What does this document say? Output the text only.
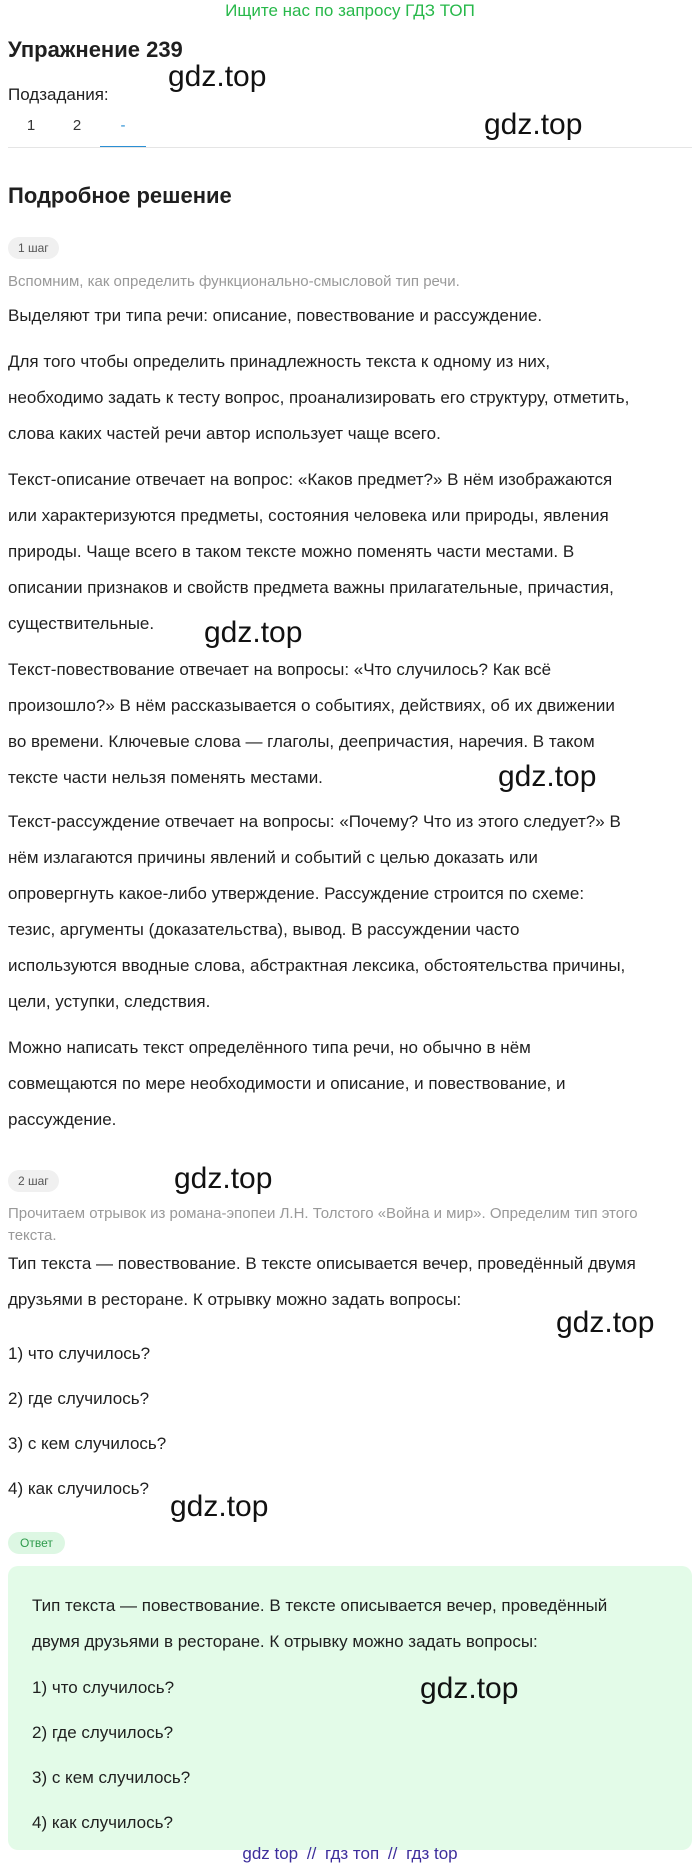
Ищите нас по запросу ГДЗ ТОП
Упражнение 239
Подзадания:
1	2	-
Подробное решение
1 шаг
Вспомним, как определить функционально-смысловой тип речи.

Выделяют три типа речи: описание, повествование и рассуждение.

Для того чтобы определить принадлежность текста к одному из них,

необходимо задать к тесту вопрос, проанализировать его структуру, отметить,

слова каких частей речи автор использует чаще всего.

Текст-описание отвечает на вопрос: «Каков предмет?» В нём изображаются

или характеризуются предметы, состояния человека или природы, явления

природы. Чаще всего в таком тексте можно поменять части местами. В

описании признаков и свойств предмета важны прилагательные, причастия,

существительные.

Текст-повествование отвечает на вопросы: «Что случилось? Как всё

произошло?» В нём рассказывается о событиях, действиях, об их движении

во времени. Ключевые слова — глаголы, деепричастия, наречия. В таком

тексте части нельзя поменять местами.

Текст-рассуждение отвечает на вопросы: «Почему? Что из этого следует?» В

нём излагаются причины явлений и событий с целью доказать или

опровергнуть какое-либо утверждение. Рассуждение строится по схеме:

тезис, аргументы (доказательства), вывод. В рассуждении часто

используются вводные слова, абстрактная лексика, обстоятельства причины,

цели, уступки, следствия.

Можно написать текст определённого типа речи, но обычно в нём

совмещаются по мере необходимости и описание, и повествование, и

рассуждение.

2 шаг
Прочитаем отрывок из романа-эпопеи Л.Н. Толстого «Война и мир». Определим тип этого
текста.

Тип текста — повествование. В тексте описывается вечер, проведённый двумя

друзьями в ресторане. К отрывку можно задать вопросы:

1) что случилось?

2) где случилось?

3) с кем случилось?

4) как случилось?

Ответ

Тип текста — повествование. В тексте описывается вечер, проведённый

двумя друзьями в ресторане. К отрывку можно задать вопросы:

1) что случилось?

2) где случилось?

3) с кем случилось?

4) как случилось?

gdz.top
gdz.top
gdz.top
gdz.top
gdz.top
gdz.top
gdz.top
gdz.top
gdz top // гдз топ // гдз top
